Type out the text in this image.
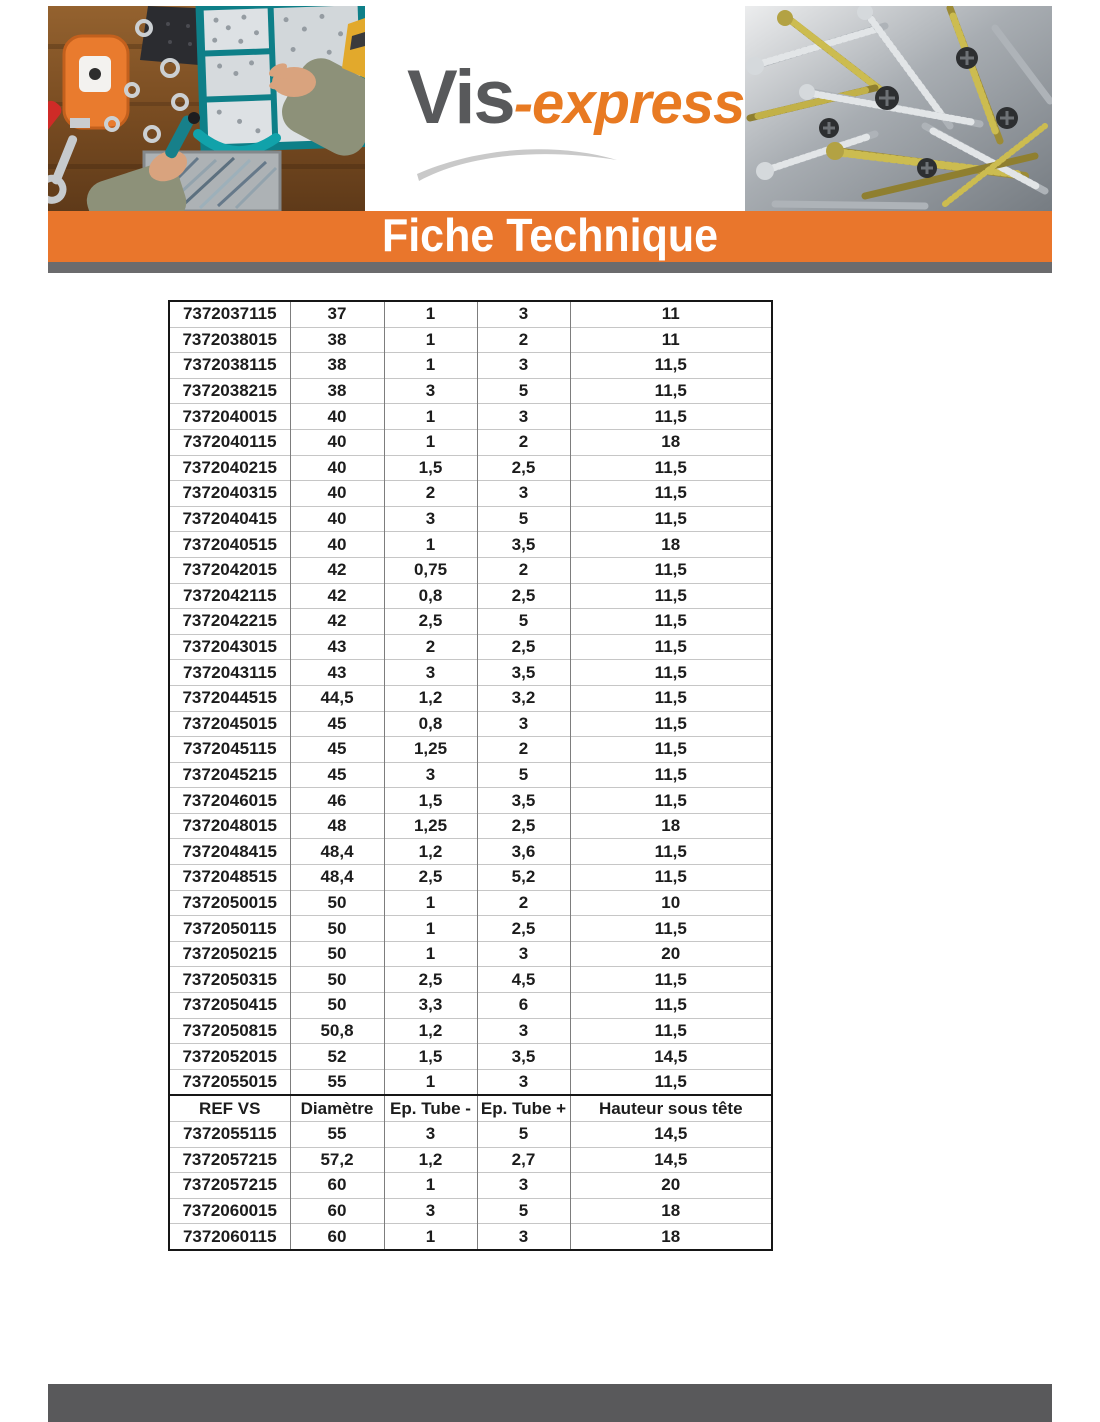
Vis-express
Fiche Technique
7372037115	37	1	3	11
7372038015	38	1	2	11
7372038115	38	1	3	11,5
7372038215	38	3	5	11,5
7372040015	40	1	3	11,5
7372040115	40	1	2	18
7372040215	40	1,5	2,5	11,5
7372040315	40	2	3	11,5
7372040415	40	3	5	11,5
7372040515	40	1	3,5	18
7372042015	42	0,75	2	11,5
7372042115	42	0,8	2,5	11,5
7372042215	42	2,5	5	11,5
7372043015	43	2	2,5	11,5
7372043115	43	3	3,5	11,5
7372044515	44,5	1,2	3,2	11,5
7372045015	45	0,8	3	11,5
7372045115	45	1,25	2	11,5
7372045215	45	3	5	11,5
7372046015	46	1,5	3,5	11,5
7372048015	48	1,25	2,5	18
7372048415	48,4	1,2	3,6	11,5
7372048515	48,4	2,5	5,2	11,5
7372050015	50	1	2	10
7372050115	50	1	2,5	11,5
7372050215	50	1	3	20
7372050315	50	2,5	4,5	11,5
7372050415	50	3,3	6	11,5
7372050815	50,8	1,2	3	11,5
7372052015	52	1,5	3,5	14,5
7372055015	55	1	3	11,5
REF VS	Diamètre	Ep. Tube -	Ep. Tube +	Hauteur sous tête
7372055115	55	3	5	14,5
7372057215	57,2	1,2	2,7	14,5
7372057215	60	1	3	20
7372060015	60	3	5	18
7372060115	60	1	3	18
